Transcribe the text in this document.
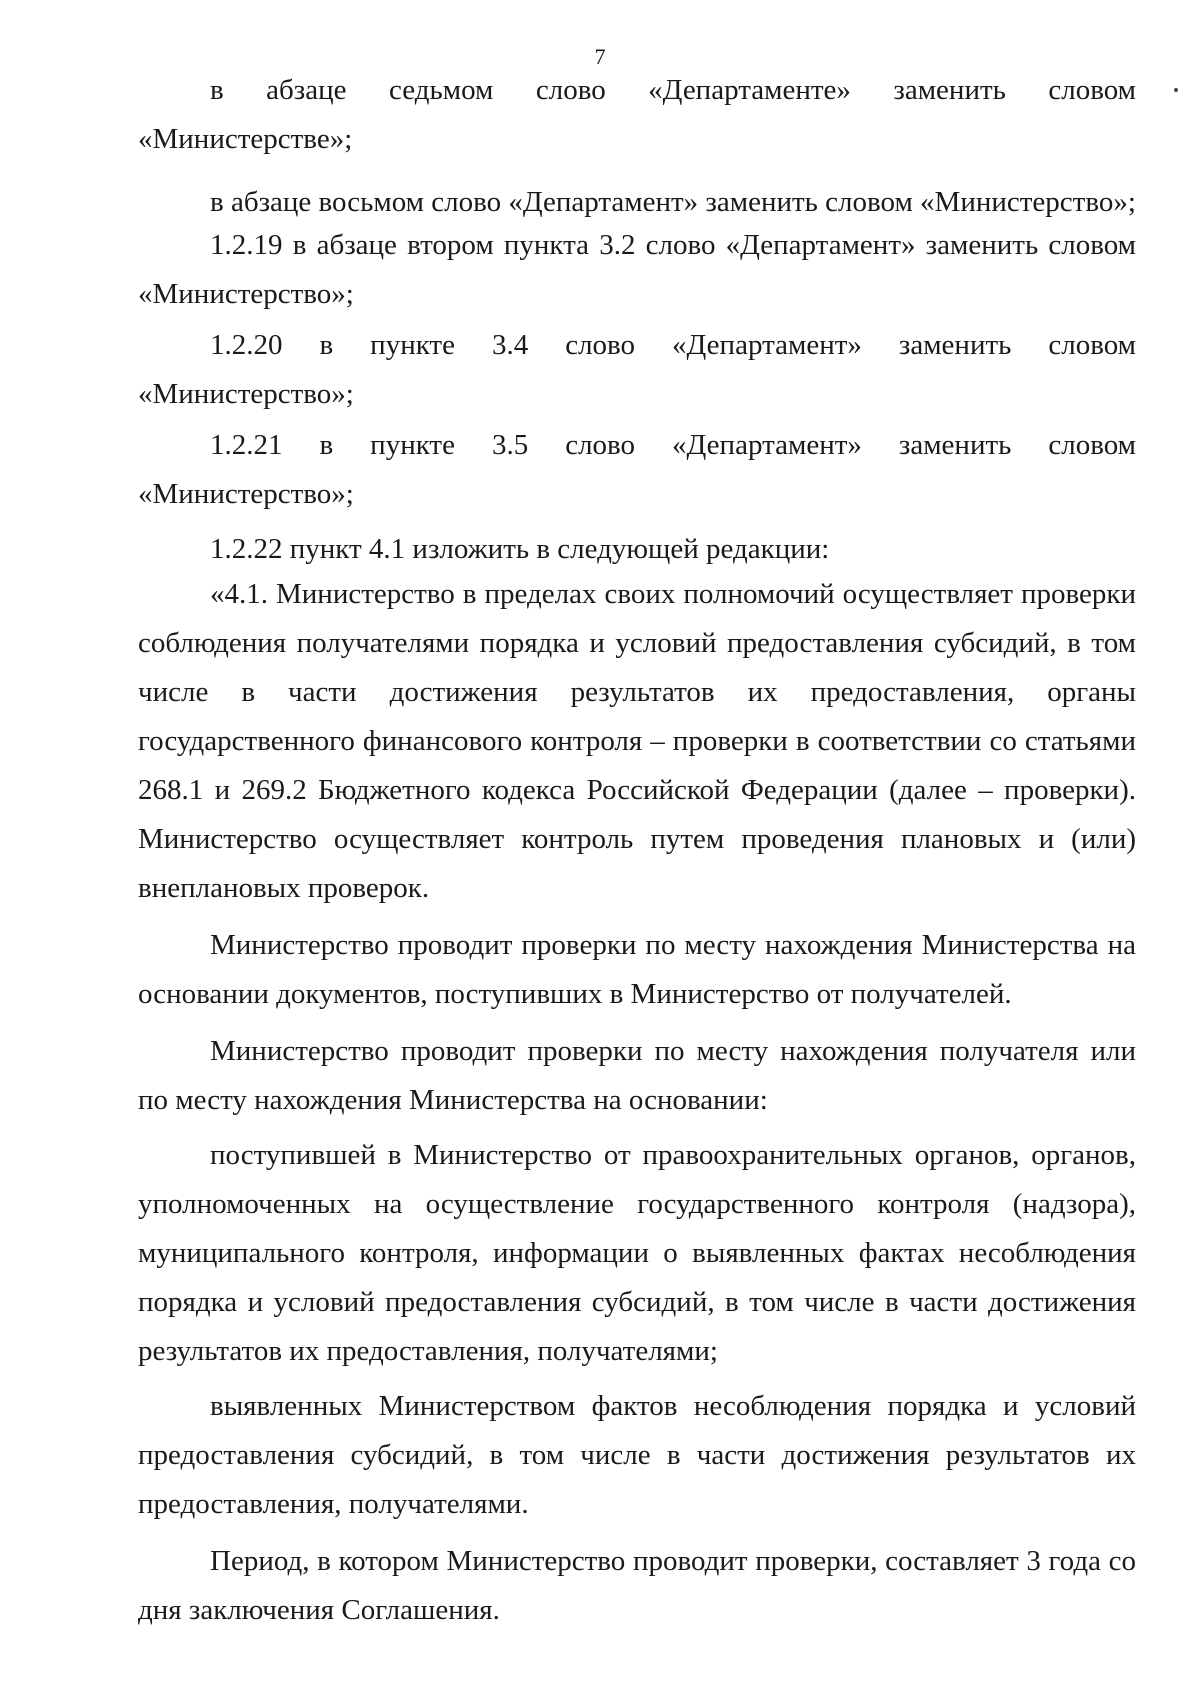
7

в абзаце седьмом слово «Департаменте» заменить словом «Министерстве»;

в абзаце восьмом слово «Департамент» заменить словом «Министерство»;

1.2.19 в абзаце втором пункта 3.2 слово «Департамент» заменить словом «Министерство»;

1.2.20 в пункте 3.4 слово «Департамент» заменить словом «Министерство»;

1.2.21 в пункте 3.5 слово «Департамент» заменить словом «Министерство»;

1.2.22 пункт 4.1 изложить в следующей редакции:

«4.1. Министерство в пределах своих полномочий осуществляет проверки соблюдения получателями порядка и условий предоставления субсидий, в том числе в части достижения результатов их предоставления, органы государственного финансового контроля – проверки в соответствии со статьями 268.1 и 269.2 Бюджетного кодекса Российской Федерации (далее – проверки). Министерство осуществляет контроль путем проведения плановых и (или) внеплановых проверок.

Министерство проводит проверки по месту нахождения Министерства на основании документов, поступивших в Министерство от получателей.

Министерство проводит проверки по месту нахождения получателя или по месту нахождения Министерства на основании:

поступившей в Министерство от правоохранительных органов, органов, уполномоченных на осуществление государственного контроля (надзора), муниципального контроля, информации о выявленных фактах несоблюдения порядка и условий предоставления субсидий, в том числе в части достижения результатов их предоставления, получателями;

выявленных Министерством фактов несоблюдения порядка и условий предоставления субсидий, в том числе в части достижения результатов их предоставления, получателями.

Период, в котором Министерство проводит проверки, составляет 3 года со дня заключения Соглашения.
